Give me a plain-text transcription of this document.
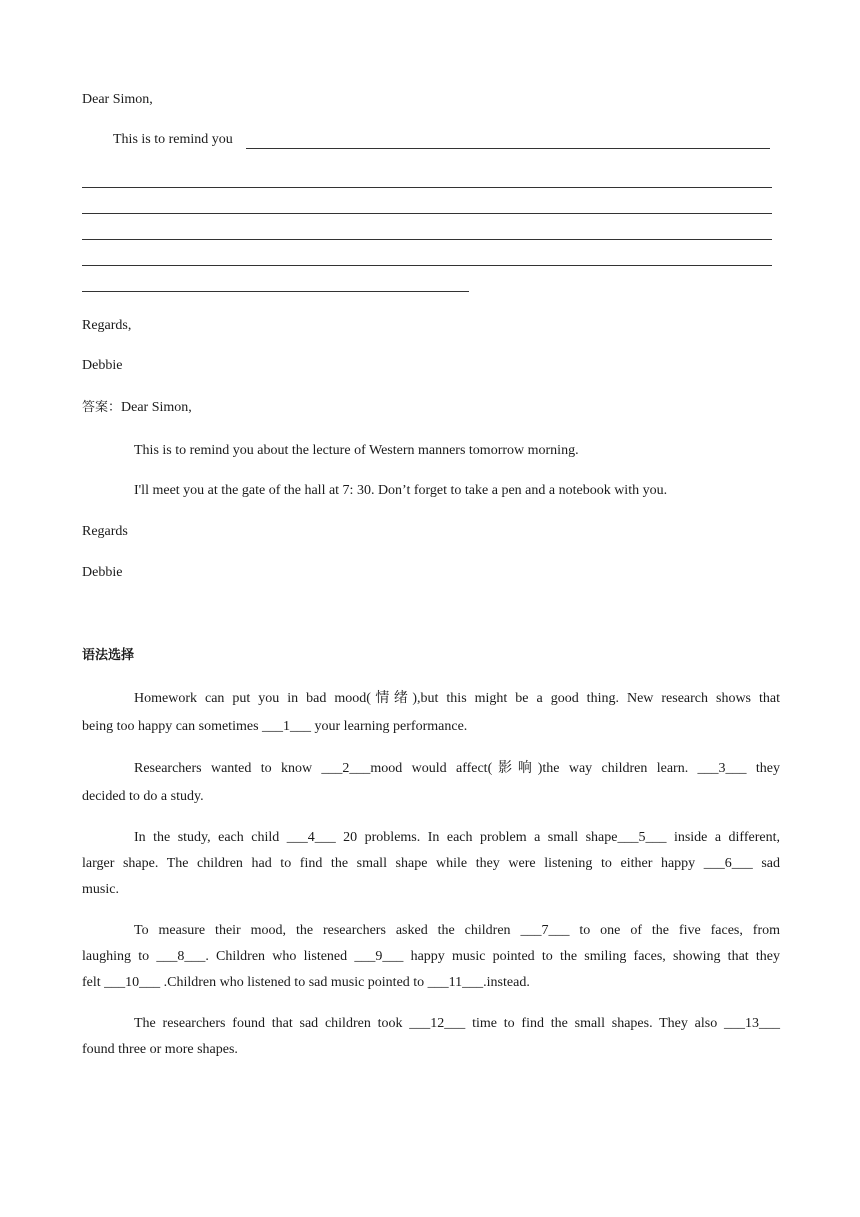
Dear Simon,
This is to remind you
Regards,
Debbie
答案：Dear Simon,
This is to remind you about the lecture of Western manners tomorrow morning.
I'll meet you at the gate of the hall at 7: 30. Don’t forget to take a pen and a notebook with you.
Regards
Debbie
语法选择
Homework can put you in bad mood(情绪),but this might be a good thing. New research shows that
being too happy can sometimes ___1___ your learning performance.
Researchers wanted to know ___2___mood would affect(影响)the way children learn. ___3___ they
decided to do a study.
In the study, each child ___4___ 20 problems. In each problem a small shape___5___ inside a different,
larger shape. The children had to find the small shape while they were listening to either happy ___6___ sad
music.
To measure their mood, the researchers asked the children ___7___ to one of the five faces, from
laughing to ___8___. Children who listened ___9___ happy music pointed to the smiling faces, showing that they
felt ___10___ .Children who listened to sad music pointed to ___11___.instead.
The researchers found that sad children took ___12___ time to find the small shapes. They also ___13___
found three or more shapes.
